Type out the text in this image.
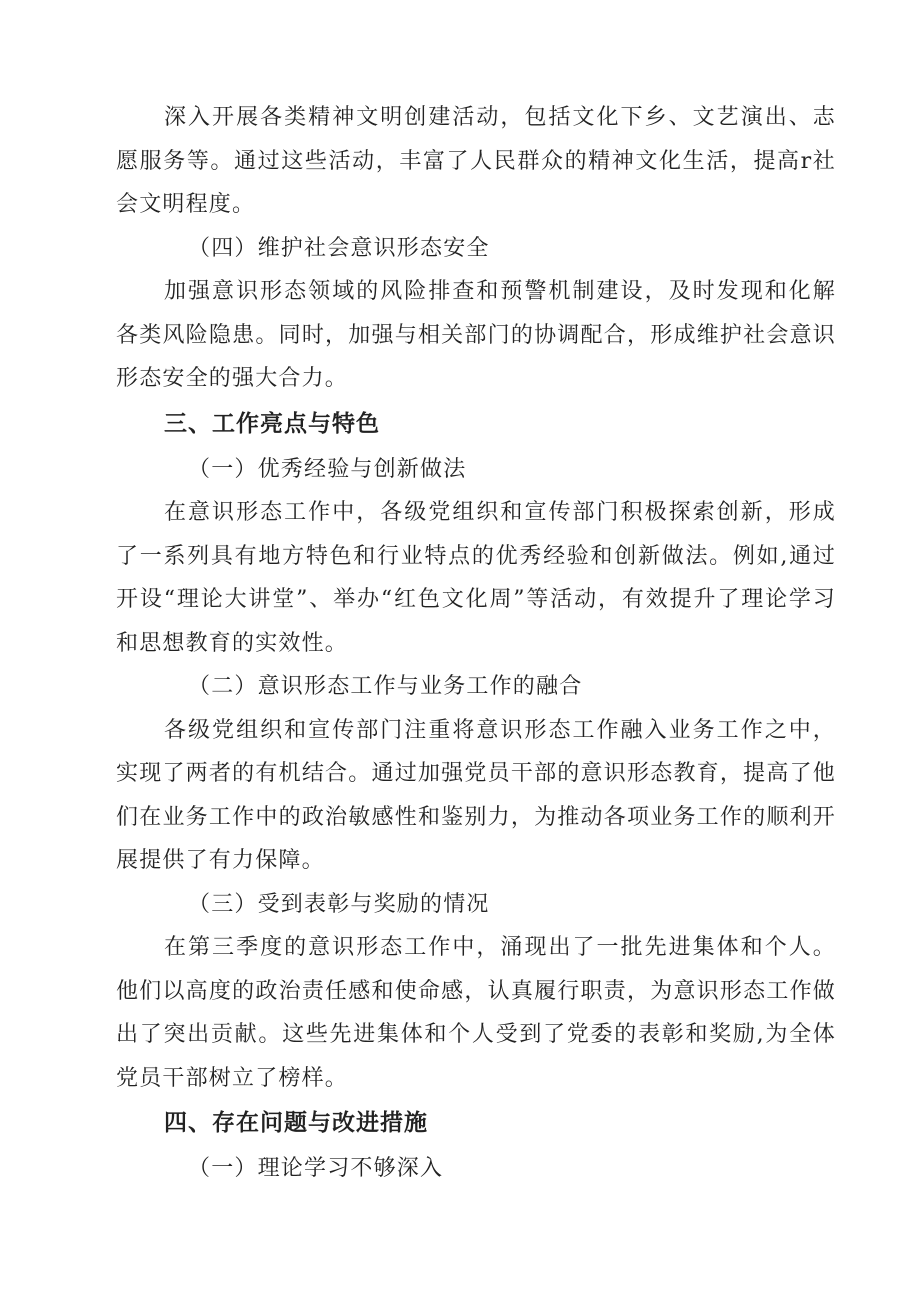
深入开展各类精神文明创建活动，包括文化下乡、文艺演出、志愿服务等。通过这些活动，丰富了人民群众的精神文化生活，提高r社会文明程度。

（四）维护社会意识形态安全

加强意识形态领域的风险排查和预警机制建设，及时发现和化解各类风险隐患。同时，加强与相关部门的协调配合，形成维护社会意识形态安全的强大合力。

三、工作亮点与特色

（一）优秀经验与创新做法

在意识形态工作中，各级党组织和宣传部门积极探索创新，形成了一系列具有地方特色和行业特点的优秀经验和创新做法。例如,通过开设“理论大讲堂”、举办“红色文化周”等活动，有效提升了理论学习和思想教育的实效性。

（二）意识形态工作与业务工作的融合

各级党组织和宣传部门注重将意识形态工作融入业务工作之中，实现了两者的有机结合。通过加强党员干部的意识形态教育，提高了他们在业务工作中的政治敏感性和鉴别力，为推动各项业务工作的顺利开展提供了有力保障。

（三）受到表彰与奖励的情况

在第三季度的意识形态工作中，涌现出了一批先进集体和个人。他们以高度的政治责任感和使命感，认真履行职责，为意识形态工作做出了突出贡献。这些先进集体和个人受到了党委的表彰和奖励,为全体党员干部树立了榜样。

四、存在问题与改进措施

（一）理论学习不够深入
